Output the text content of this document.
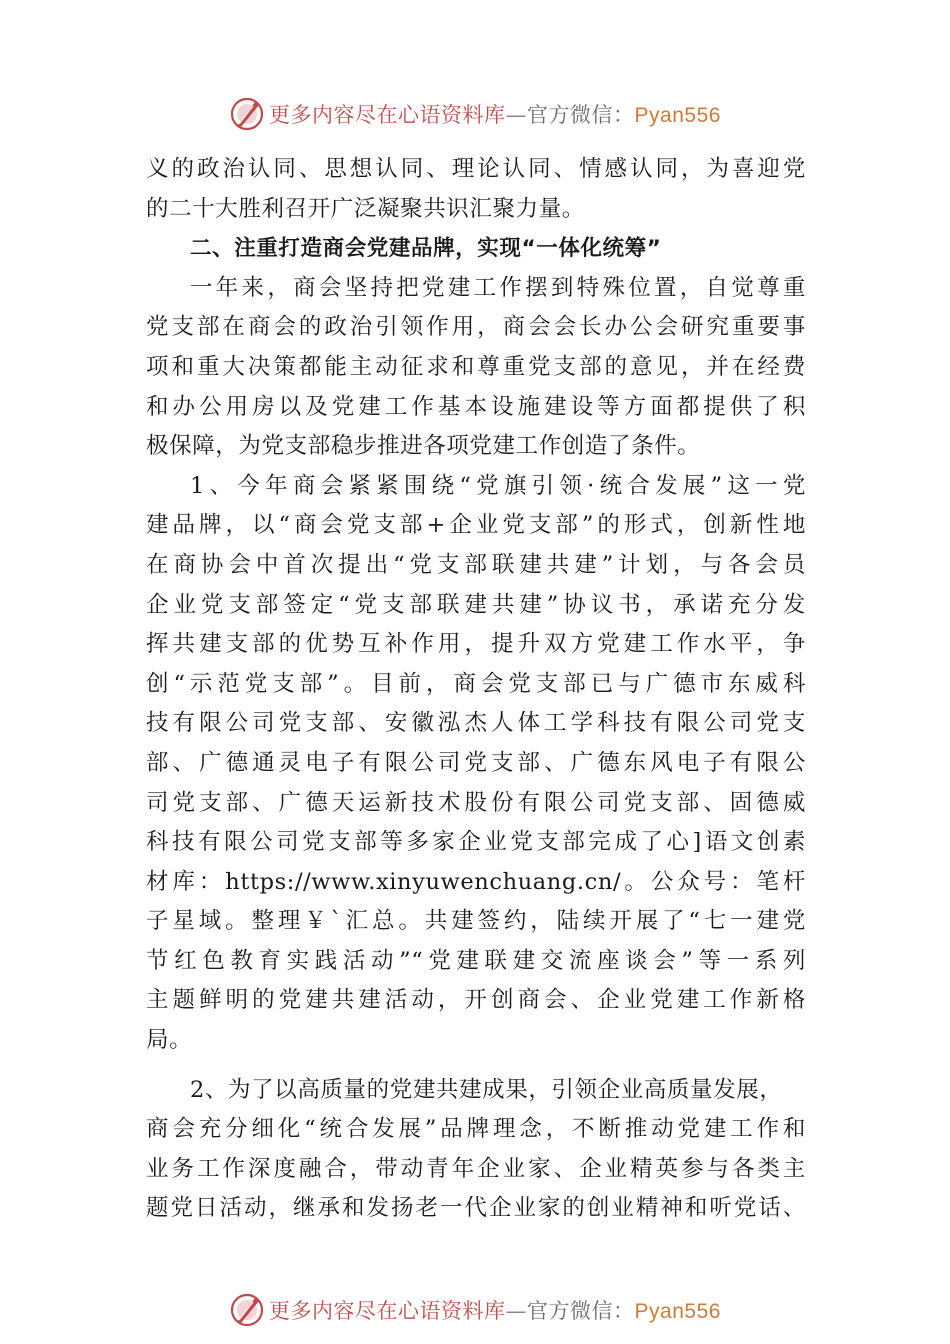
更多内容尽在心语资料库—官方微信：Pyan556
义的政治认同、思想认同、理论认同、情感认同，为喜迎党
的二十大胜利召开广泛凝聚共识汇聚力量。
二、注重打造商会党建品牌，实现“一体化统筹”
一年来，商会坚持把党建工作摆到特殊位置，自觉尊重
党支部在商会的政治引领作用，商会会长办公会研究重要事
项和重大决策都能主动征求和尊重党支部的意见，并在经费
和办公用房以及党建工作基本设施建设等方面都提供了积
极保障，为党支部稳步推进各项党建工作创造了条件。
1、今年商会紧紧围绕“党旗引领·统合发展”这一党
建品牌，以“商会党支部+企业党支部”的形式，创新性地
在商协会中首次提出“党支部联建共建”计划，与各会员
企业党支部签定“党支部联建共建”协议书，承诺充分发
挥共建支部的优势互补作用，提升双方党建工作水平，争
创“示范党支部”。目前，商会党支部已与广德市东威科
技有限公司党支部、安徽泓杰人体工学科技有限公司党支
部、广德通灵电子有限公司党支部、广德东风电子有限公
司党支部、广德天运新技术股份有限公司党支部、固德威
科技有限公司党支部等多家企业党支部完成了心]语文创素
材库：https://www.xinyuwenchuang.cn/。公众号：笔杆
子星域。整理￥`汇总。共建签约，陆续开展了“七一建党
节红色教育实践活动”“党建联建交流座谈会”等一系列
主题鲜明的党建共建活动，开创商会、企业党建工作新格
局。
2、为了以高质量的党建共建成果，引领企业高质量发展，
商会充分细化“统合发展”品牌理念，不断推动党建工作和
业务工作深度融合，带动青年企业家、企业精英参与各类主
题党日活动，继承和发扬老一代企业家的创业精神和听党话、
更多内容尽在心语资料库—官方微信：Pyan556
